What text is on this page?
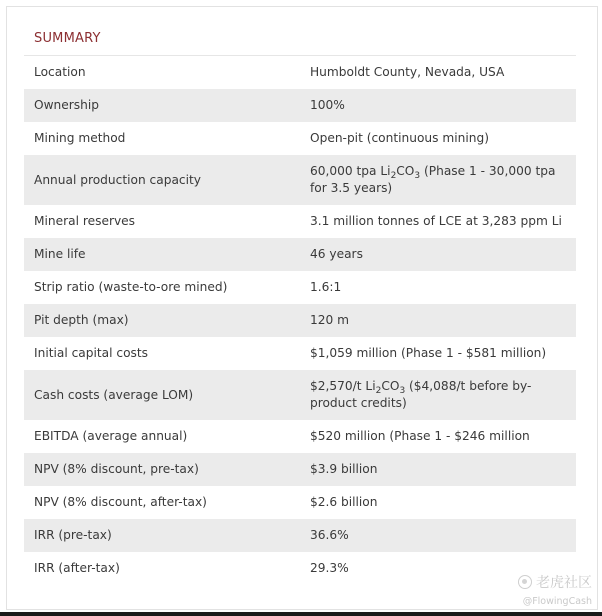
SUMMARY
Location	Humboldt County, Nevada, USA
Ownership	100%
Mining method	Open-pit (continuous mining)
Annual production capacity	60,000 tpa $Li_2CO_3$ (Phase 1 - 30,000 tpa for 3.5 years)
Mineral reserves	3.1 million tonnes of LCE at 3,283 ppm Li
Mine life	46 years
Strip ratio (waste-to-ore mined)	1.6:1
Pit depth (max)	120 m
Initial capital costs	$1,059 million (Phase 1 - $581 million)
Cash costs (average LOM)	$2,570/t $Li_2CO_3$ ($4,088/t before by-product credits)
EBITDA (average annual)	$520 million (Phase 1 - $246 million
NPV (8% discount, pre-tax)	$3.9 billion
NPV (8% discount, after-tax)	$2.6 billion
IRR (pre-tax)	36.6%
IRR (after-tax)	29.3%
老虎社区
@FlowingCash
